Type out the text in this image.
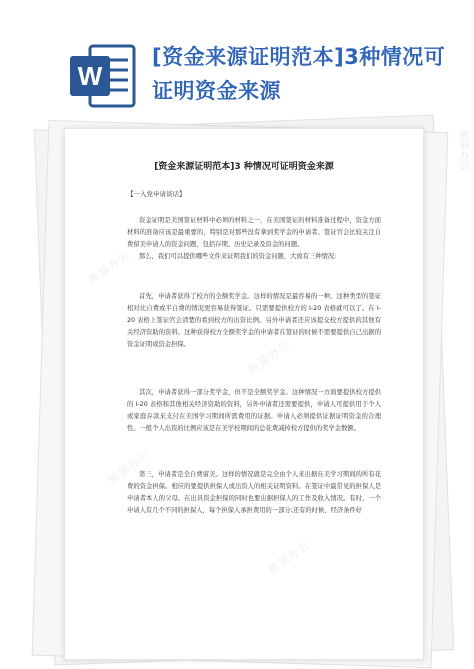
W
[资金来源证明范本]3种情况可证明资金来源
[资金来源证明范本]3 种情况可证明资金来源
【一入党申请谈话】
资金证明是美国签证材料中必须的材料之一，在美国签证的材料准备过程中，资金方面材料的准备应该是最重要的，特别是对那些没有拿到奖学金的申请者。签证官会比较关注自费留美申请人的资金问题，包括存期、历史记录及资金的问题。
那么，我们可以提供哪些文件来证明我们的资金问题，大致有三种情况：
首先，申请者获得了校方的全额奖学金。这样的情况是最容易的一种。这种类型的签证相对比自费或半自费的情况更容易获得签证。只需要提供校方的 I-20 表格就可以了。在 I-20 表格上签证官会清楚的看到校方的出资比例。另外申请者还应该提交校方提供的其他有关经济资助的资料。这种获得校方全额奖学金的申请者在签证的时候不需要提供自己出据的资金证明或资金担保。
其次，申请者获得一部分奖学金，但不是全额奖学金。这种情况一方面要提供校方提供的 I-20 表格和其他相关经济资助的资料，另外申请者还需要提供，申请人可提供用于个人或家庭存款来支付在美国学习期间所需费用的证据。申请人必须提供证据证明资金的合理性。一般个人出资的比例应该是在美学校期间的总花费减掉校方提供的奖学金数额。
第三，申请者是全自费留美。这样的情况就是完全由个人来出据在美学习期间的所有花费的资金担保。相应的要提供担保人或出资人的相关证明资料。在签证中最常见的担保人是申请者本人的父母。在出具资金担保的同时也要出据担保人的工作及收入情况。有时，一个申请人有几个不同的担保人，每个担保人承担费用的一部分;还有的时候，经济条件好
熊猫办公
熊猫办公
熊猫办公
熊猫办公
熊猫办公
